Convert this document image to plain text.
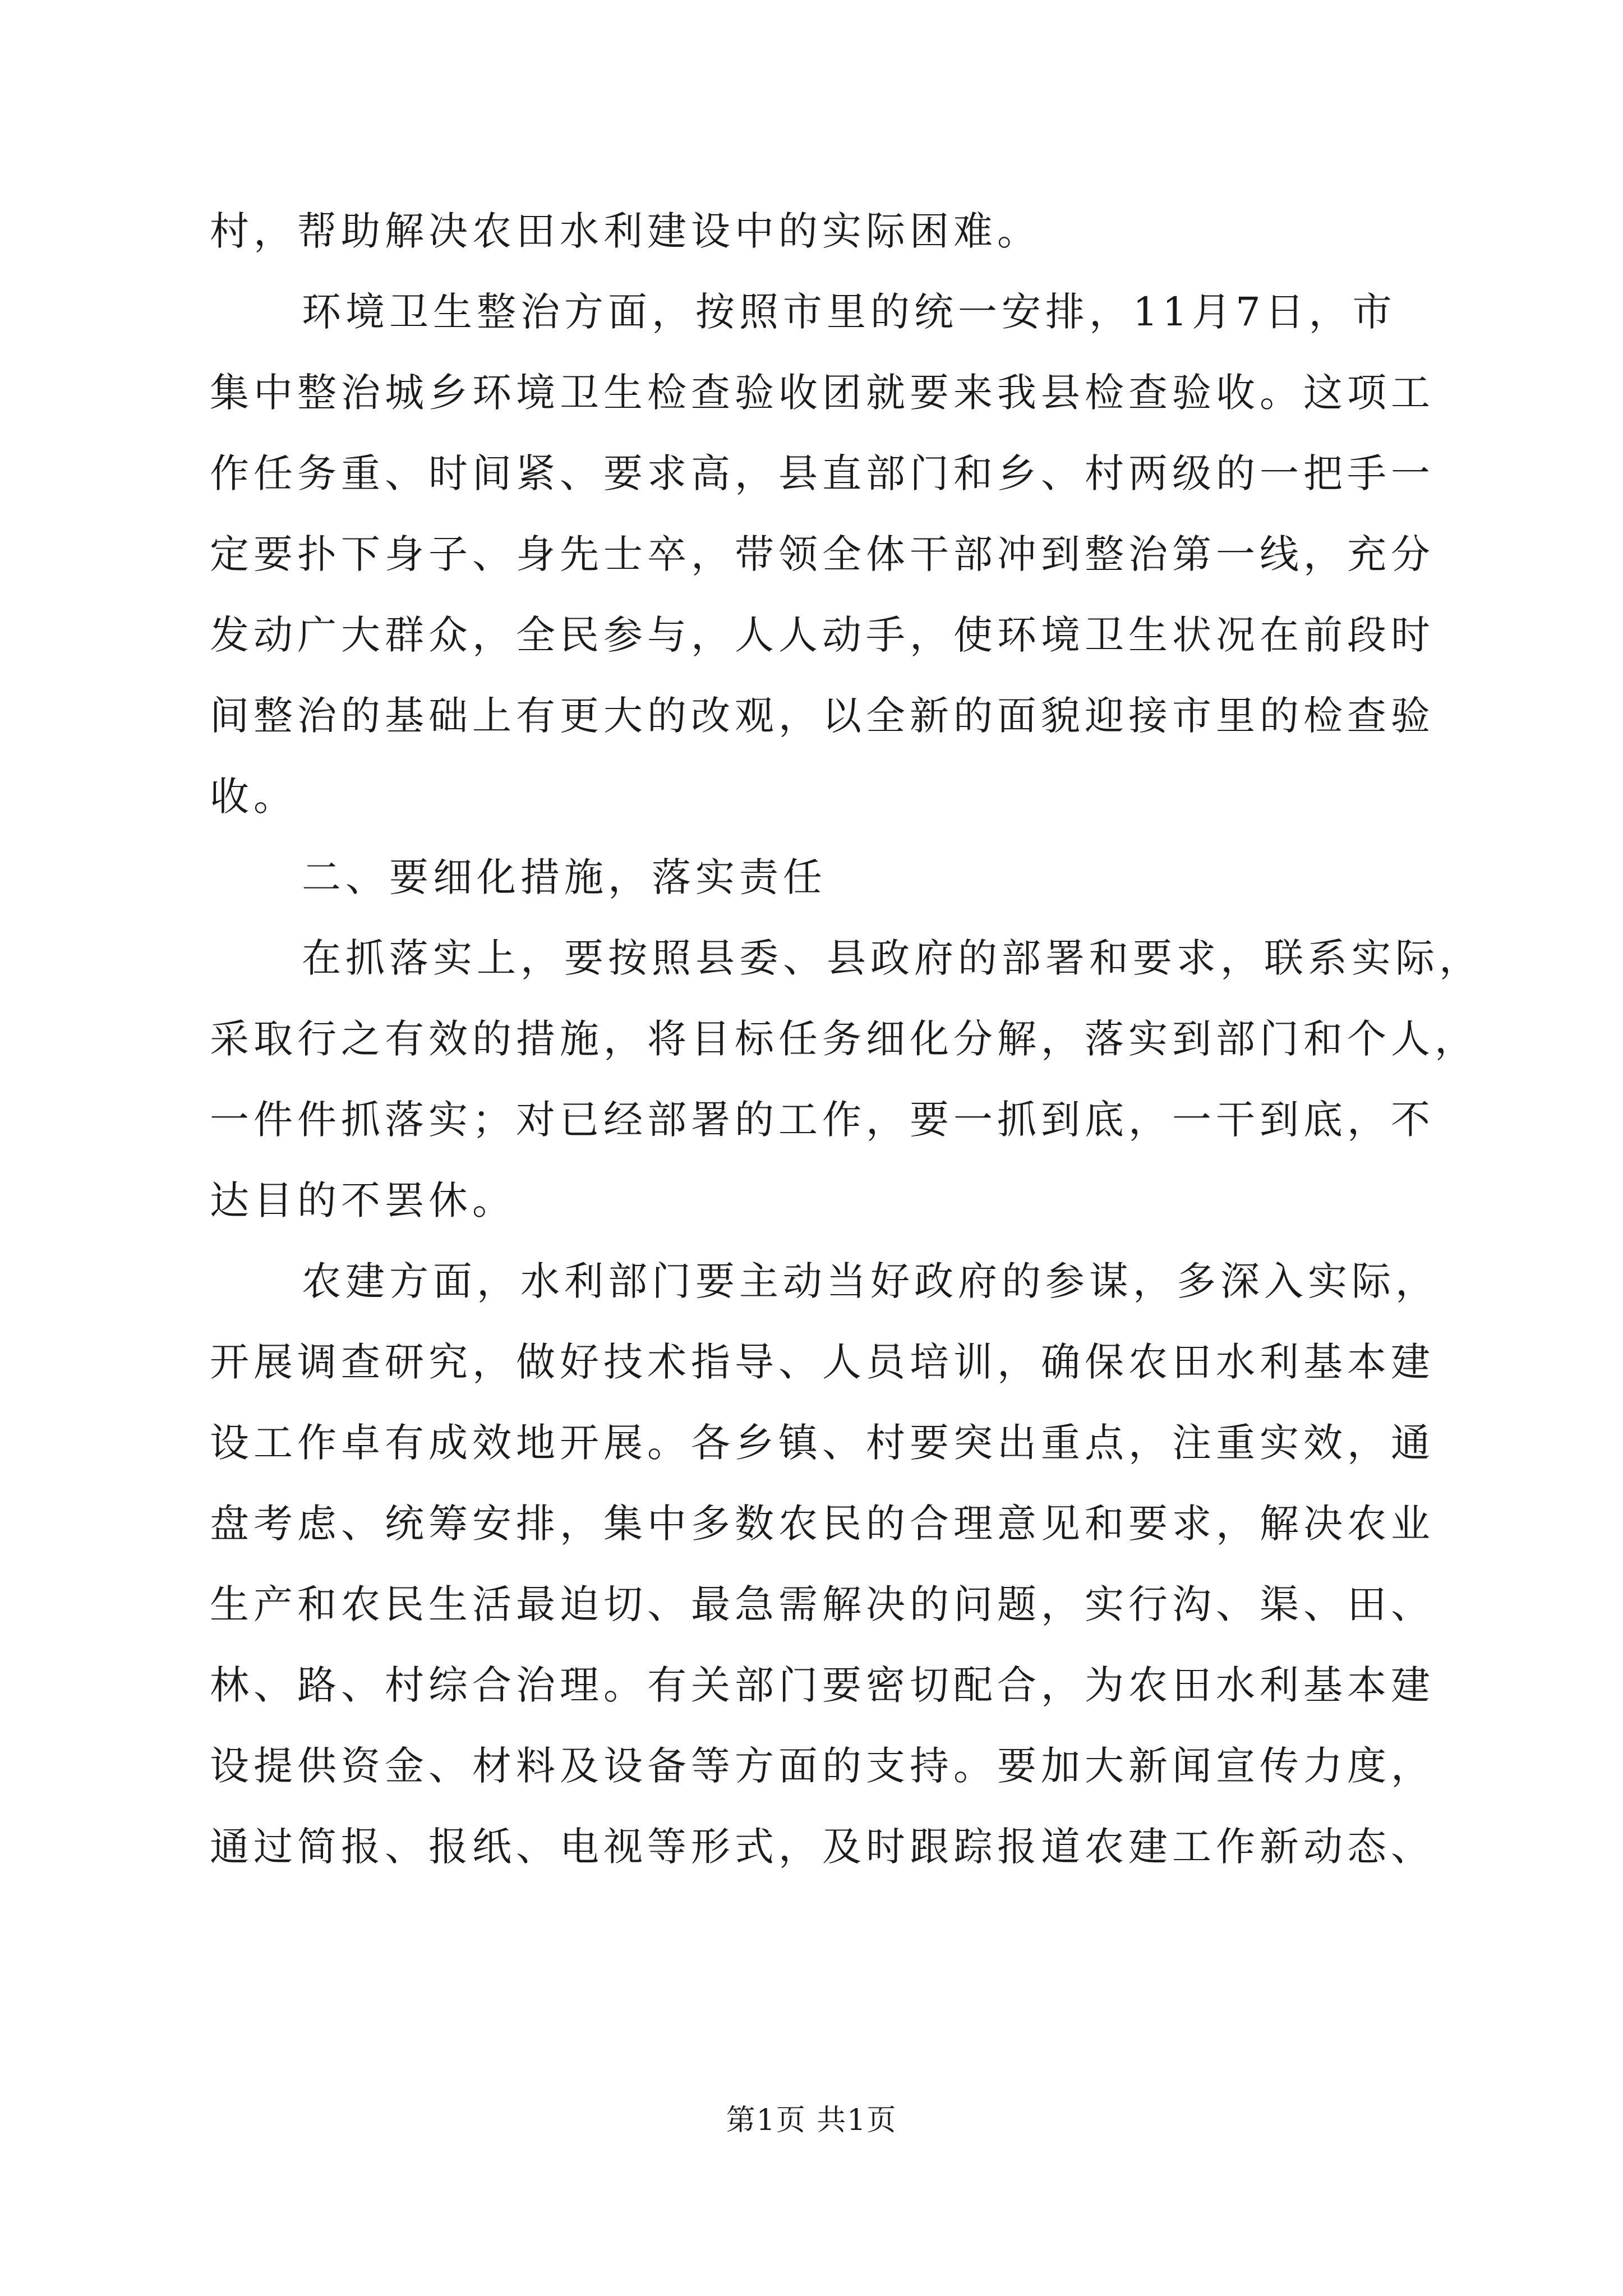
村，帮助解决农田水利建设中的实际困难。
环境卫生整治方面，按照市里的统一安排，11月7日，市
集中整治城乡环境卫生检查验收团就要来我县检查验收。这项工
作任务重、时间紧、要求高，县直部门和乡、村两级的一把手一
定要扑下身子、身先士卒，带领全体干部冲到整治第一线，充分
发动广大群众，全民参与，人人动手，使环境卫生状况在前段时
间整治的基础上有更大的改观，以全新的面貌迎接市里的检查验
收。
二、要细化措施，落实责任
在抓落实上，要按照县委、县政府的部署和要求，联系实际，
采取行之有效的措施，将目标任务细化分解，落实到部门和个人，
一件件抓落实；对已经部署的工作，要一抓到底，一干到底，不
达目的不罢休。
农建方面，水利部门要主动当好政府的参谋，多深入实际，
开展调查研究，做好技术指导、人员培训，确保农田水利基本建
设工作卓有成效地开展。各乡镇、村要突出重点，注重实效，通
盘考虑、统筹安排，集中多数农民的合理意见和要求，解决农业
生产和农民生活最迫切、最急需解决的问题，实行沟、渠、田、
林、路、村综合治理。有关部门要密切配合，为农田水利基本建
设提供资金、材料及设备等方面的支持。要加大新闻宣传力度，
通过简报、报纸、电视等形式，及时跟踪报道农建工作新动态、
第1页 共1页
